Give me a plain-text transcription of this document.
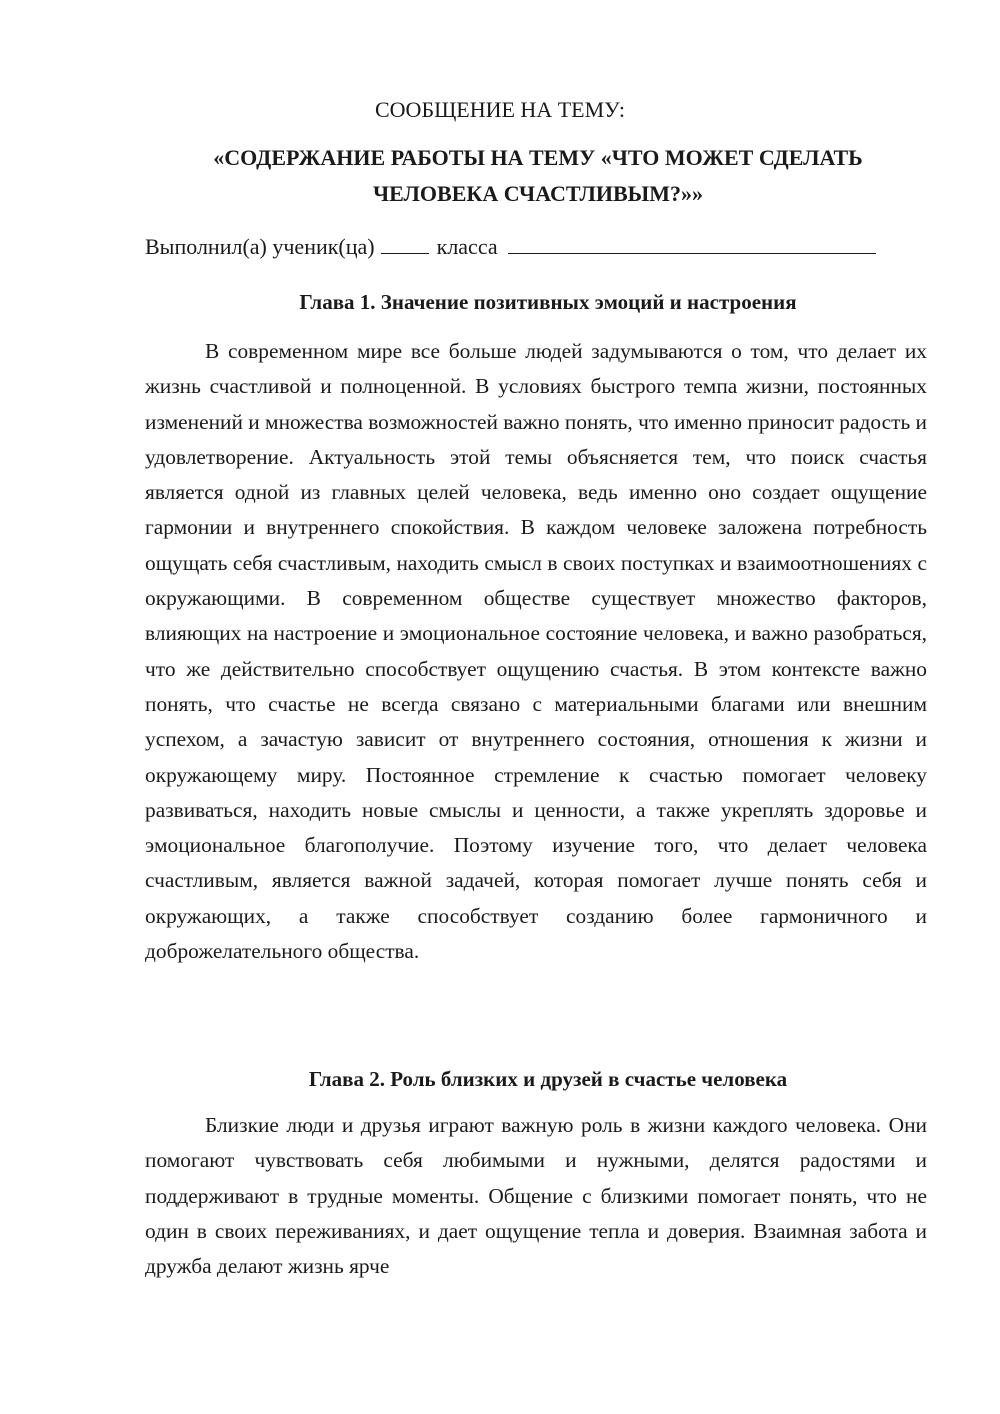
СООБЩЕНИЕ НА ТЕМУ:
«СОДЕРЖАНИЕ РАБОТЫ НА ТЕМУ «ЧТО МОЖЕТ СДЕЛАТЬ
ЧЕЛОВЕКА СЧАСТЛИВЫМ?»»
Выполнил(а) ученик(ца)	класса
Глава 1. Значение позитивных эмоций и настроения

В современном мире все больше людей задумываются о том, что делает их жизнь счастливой и полноценной. В условиях быстрого темпа жизни, постоянных изменений и множества возможностей важно понять, что именно приносит радость и удовлетворение. Актуальность этой темы объясняется тем, что поиск счастья является одной из главных целей человека, ведь именно оно создает ощущение гармонии и внутреннего спокойствия. В каждом человеке заложена потребность ощущать себя счастливым, находить смысл в своих поступках и взаимоотношениях с окружающими. В современном обществе существует множество факторов, влияющих на настроение и эмоциональное состояние человека, и важно разобраться, что же действительно способствует ощущению счастья. В этом контексте важно понять, что счастье не всегда связано с материальными благами или внешним успехом, а зачастую зависит от внутреннего состояния, отношения к жизни и окружающему миру. Постоянное стремление к счастью помогает человеку развиваться, находить новые смыслы и ценности, а также укреплять здоровье и эмоциональное благополучие. Поэтому изучение того, что делает человека счастливым, является важной задачей, которая помогает лучше понять себя и окружающих, а также способствует созданию более гармоничного и доброжелательного общества.

Глава 2. Роль близких и друзей в счастье человека

Близкие люди и друзья играют важную роль в жизни каждого человека. Они помогают чувствовать себя любимыми и нужными, делятся радостями и поддерживают в трудные моменты. Общение с близкими помогает понять, что не один в своих переживаниях, и дает ощущение тепла и доверия. Взаимная забота и дружба делают жизнь ярче
